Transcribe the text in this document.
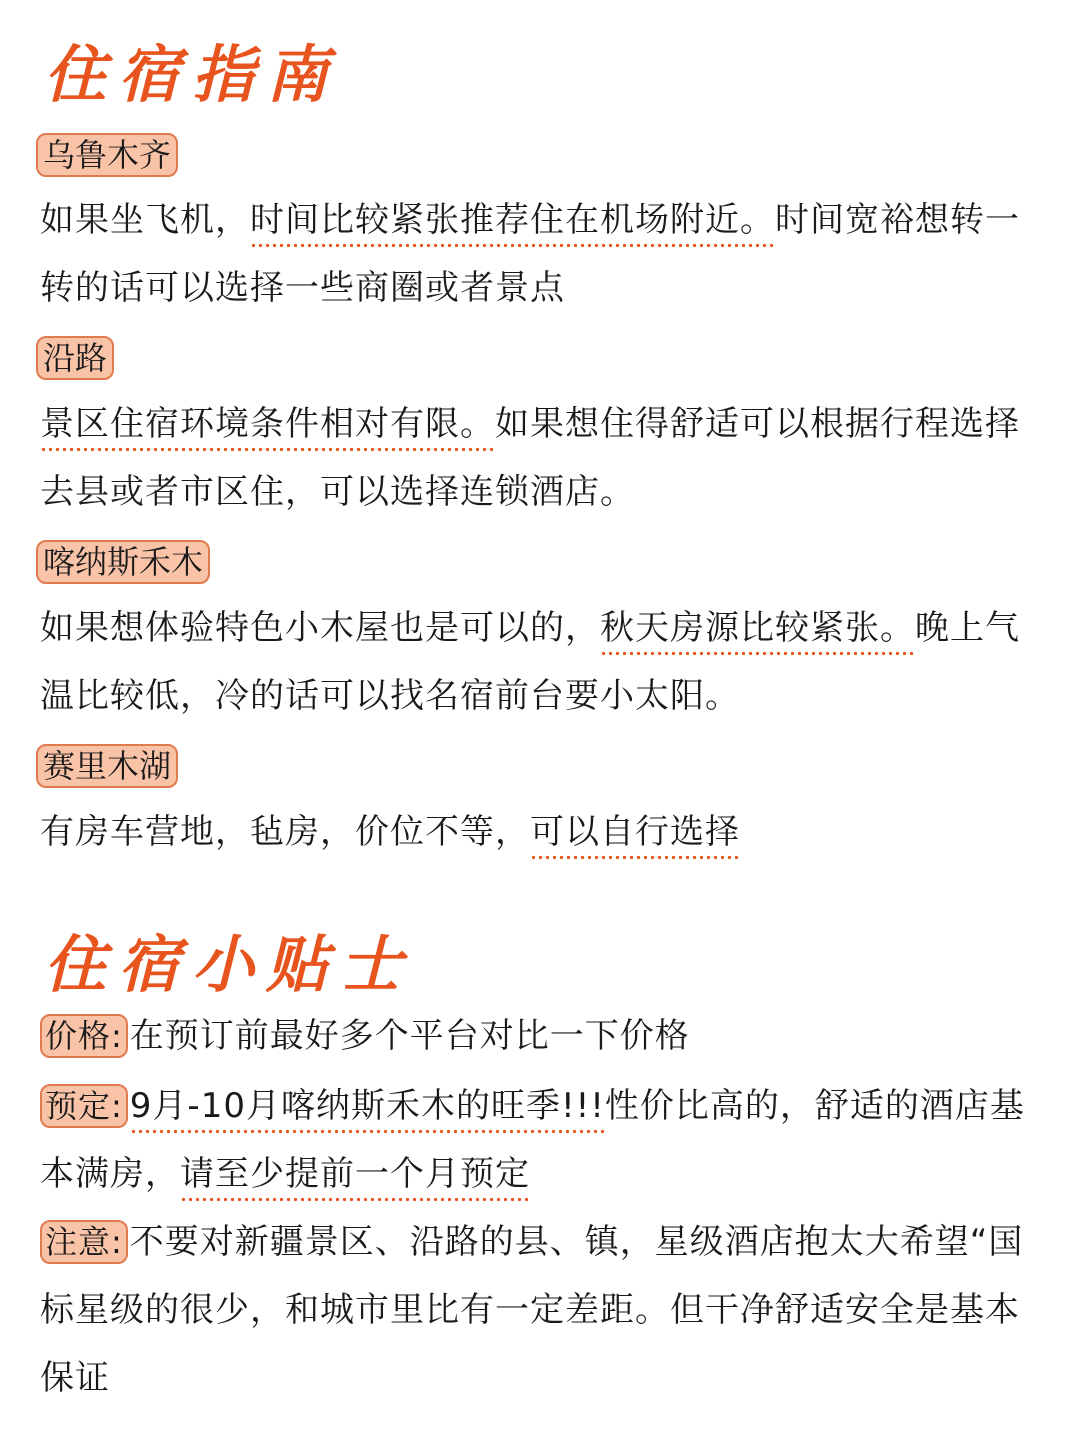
住宿指南
乌鲁木齐

如果坐飞机，时间比较紧张推荐住在机场附近。时间宽裕想转一转的话可以选择一些商圈或者景点

沿路

景区住宿环境条件相对有限。如果想住得舒适可以根据行程选择去县或者市区住，可以选择连锁酒店。

喀纳斯禾木

如果想体验特色小木屋也是可以的，秋天房源比较紧张。晚上气温比较低，冷的话可以找名宿前台要小太阳。

赛里木湖

有房车营地，毡房，价位不等，可以自行选择

住宿小贴士

价格: 在预订前最好多个平台对比一下价格

预定: 9月-10月喀纳斯禾木的旺季!!!性价比高的，舒适的酒店基本满房，请至少提前一个月预定

注意: 不要对新疆景区、沿路的县、镇，星级酒店抱太大希望“国标星级的很少，和城市里比有一定差距。但干净舒适安全是基本保证
